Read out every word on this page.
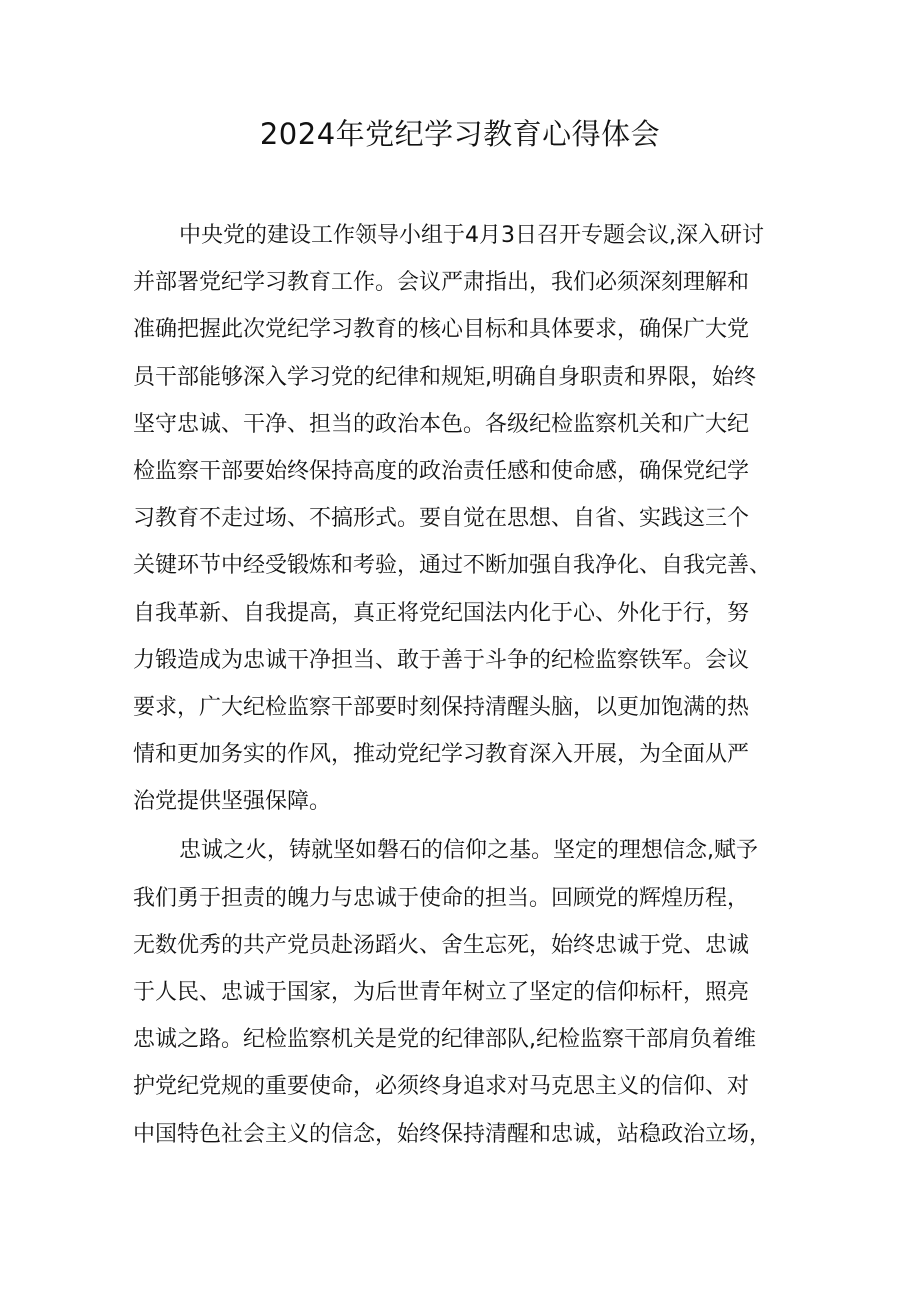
2024年党纪学习教育心得体会

中央党的建设工作领导小组于4月3日召开专题会议,深入研讨
并部署党纪学习教育工作。会议严肃指出，我们必须深刻理解和
准确把握此次党纪学习教育的核心目标和具体要求，确保广大党
员干部能够深入学习党的纪律和规矩,明确自身职责和界限，始终
坚守忠诚、干净、担当的政治本色。各级纪检监察机关和广大纪
检监察干部要始终保持高度的政治责任感和使命感，确保党纪学
习教育不走过场、不搞形式。要自觉在思想、自省、实践这三个
关键环节中经受锻炼和考验，通过不断加强自我净化、自我完善、
自我革新、自我提高，真正将党纪国法内化于心、外化于行，努
力锻造成为忠诚干净担当、敢于善于斗争的纪检监察铁军。会议
要求，广大纪检监察干部要时刻保持清醒头脑，以更加饱满的热
情和更加务实的作风，推动党纪学习教育深入开展，为全面从严
治党提供坚强保障。

忠诚之火，铸就坚如磐石的信仰之基。坚定的理想信念,赋予
我们勇于担责的魄力与忠诚于使命的担当。回顾党的辉煌历程，
无数优秀的共产党员赴汤蹈火、舍生忘死，始终忠诚于党、忠诚
于人民、忠诚于国家，为后世青年树立了坚定的信仰标杆，照亮
忠诚之路。纪检监察机关是党的纪律部队,纪检监察干部肩负着维
护党纪党规的重要使命，必须终身追求对马克思主义的信仰、对
中国特色社会主义的信念，始终保持清醒和忠诚，站稳政治立场，
